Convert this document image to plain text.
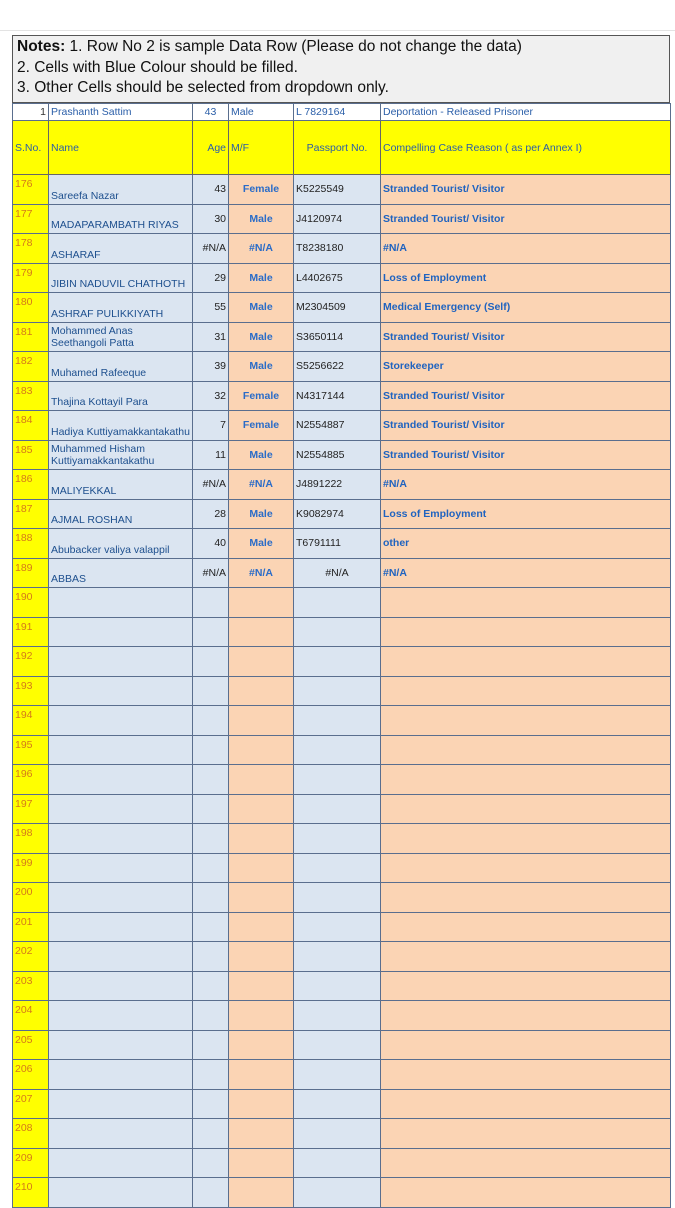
Notes: 1. Row No 2 is sample Data Row (Please do not change the data)
2. Cells with Blue Colour should be filled.
3. Other Cells should be selected from dropdown only.
1	Prashanth Sattim	43	Male	L 7829164	Deportation - Released Prisoner
S.No.	Name	Age	M/F	Passport No.	Compelling Case Reason ( as per Annex I)
176	Sareefa Nazar	43	Female	K5225549	Stranded Tourist/ Visitor
177	MADAPARAMBATH RIYAS	30	Male	J4120974	Stranded Tourist/ Visitor
178	ASHARAF	#N/A	#N/A	T8238180	#N/A
179	JIBIN NADUVIL CHATHOTH	29	Male	L4402675	Loss of Employment
180	ASHRAF PULIKKIYATH	55	Male	M2304509	Medical Emergency (Self)
181	Mohammed Anas Seethangoli Patta	31	Male	S3650114	Stranded Tourist/ Visitor
182	Muhamed Rafeeque	39	Male	S5256622	Storekeeper
183	Thajina Kottayil Para	32	Female	N4317144	Stranded Tourist/ Visitor
184	Hadiya Kuttiyamakkantakathu	7	Female	N2554887	Stranded Tourist/ Visitor
185	Muhammed Hisham Kuttiyamakkantakathu	11	Male	N2554885	Stranded Tourist/ Visitor
186	MALIYEKKAL	#N/A	#N/A	J4891222	#N/A
187	AJMAL ROSHAN	28	Male	K9082974	Loss of Employment
188	Abubacker valiya valappil	40	Male	T6791111	other
189	ABBAS	#N/A	#N/A	#N/A	#N/A
190					
191					
192					
193					
194					
195					
196					
197					
198					
199					
200					
201					
202					
203					
204					
205					
206					
207					
208					
209					
210					
